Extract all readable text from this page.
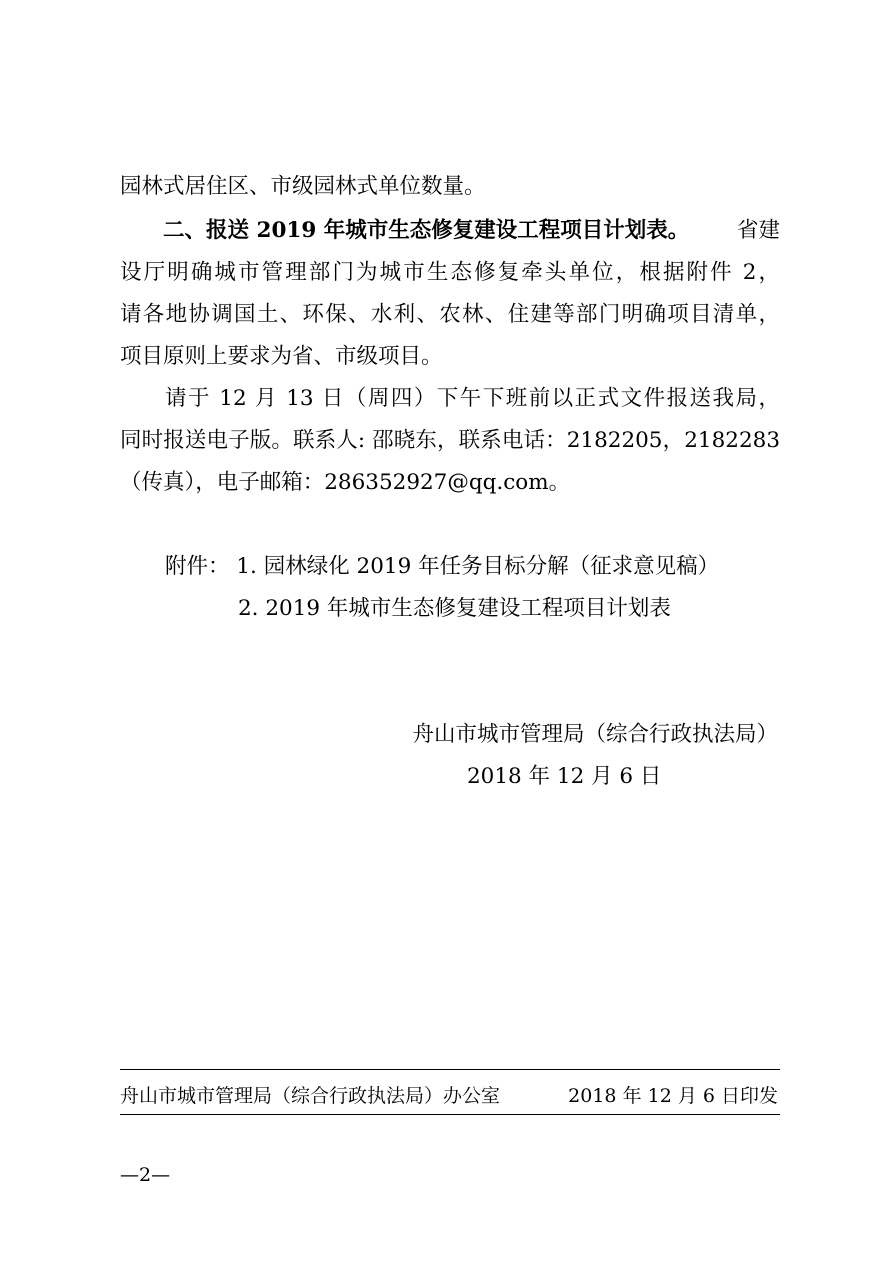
园林式居住区、市级园林式单位数量。
二、报送 2019 年城市生态修复建设工程项目计划表。 省建
设厅明确城市管理部门为城市生态修复牵头单位，根据附件 2，
请各地协调国土、环保、水利、农林、住建等部门明确项目清单，
项目原则上要求为省、市级项目。
请于 12 月 13 日（周四）下午下班前以正式文件报送我局，
同时报送电子版。联系人: 邵晓东，联系电话：2182205，2182283
（传真），电子邮箱：286352927@qq.com。
附件： 1. 园林绿化 2019 年任务目标分解（征求意见稿）
2. 2019 年城市生态修复建设工程项目计划表
舟山市城市管理局（综合行政执法局）
2018 年 12 月 6 日
舟山市城市管理局（综合行政执法局）办公室	2018 年 12 月 6 日印发
—2—
